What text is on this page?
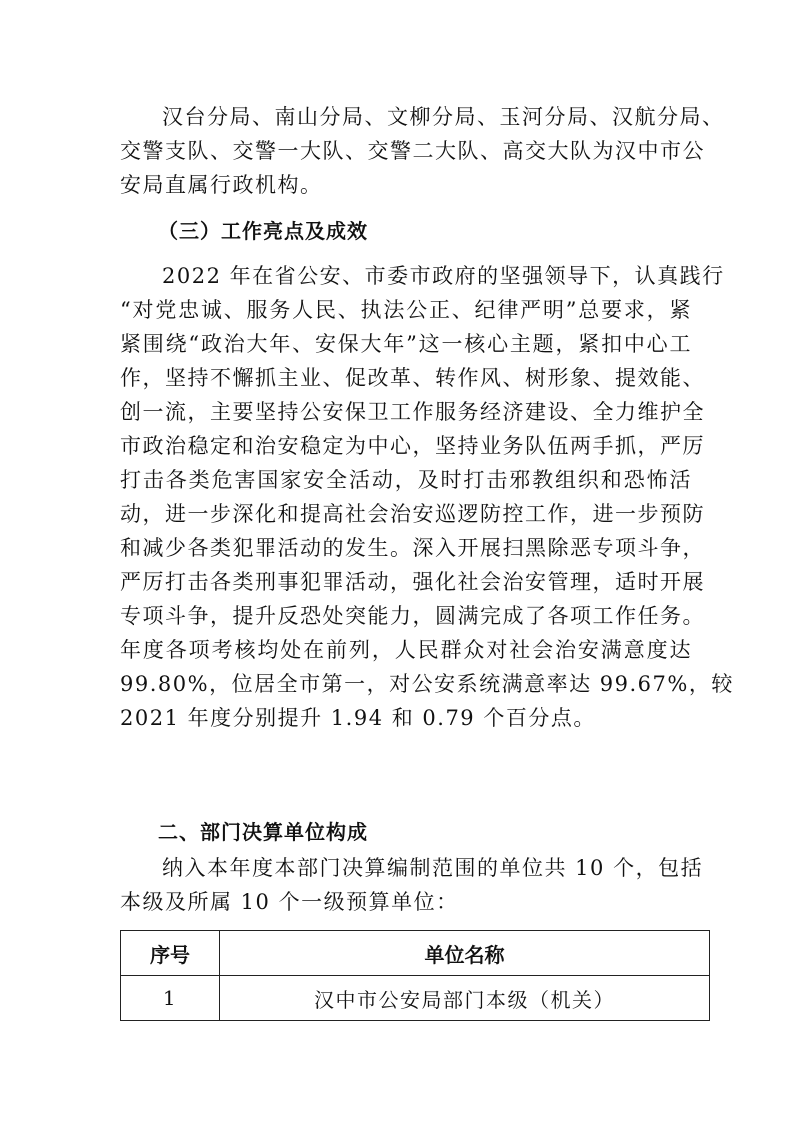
汉台分局、南山分局、文柳分局、玉河分局、汉航分局、
交警支队、交警一大队、交警二大队、高交大队为汉中市公
安局直属行政机构。
（三）工作亮点及成效
2022 年在省公安、市委市政府的坚强领导下，认真践行
“对党忠诚、服务人民、执法公正、纪律严明”总要求，紧
紧围绕“政治大年、安保大年”这一核心主题，紧扣中心工
作，坚持不懈抓主业、促改革、转作风、树形象、提效能、
创一流，主要坚持公安保卫工作服务经济建设、全力维护全
市政治稳定和治安稳定为中心，坚持业务队伍两手抓，严厉
打击各类危害国家安全活动，及时打击邪教组织和恐怖活
动，进一步深化和提高社会治安巡逻防控工作，进一步预防
和减少各类犯罪活动的发生。深入开展扫黑除恶专项斗争，
严厉打击各类刑事犯罪活动，强化社会治安管理，适时开展
专项斗争，提升反恐处突能力，圆满完成了各项工作任务。
年度各项考核均处在前列，人民群众对社会治安满意度达
99.80%，位居全市第一，对公安系统满意率达 99.67%，较
2021 年度分别提升 1.94 和 0.79 个百分点。
二、部门决算单位构成
纳入本年度本部门决算编制范围的单位共 10 个，包括
本级及所属 10 个一级预算单位：
序号	单位名称
1	汉中市公安局部门本级（机关）
